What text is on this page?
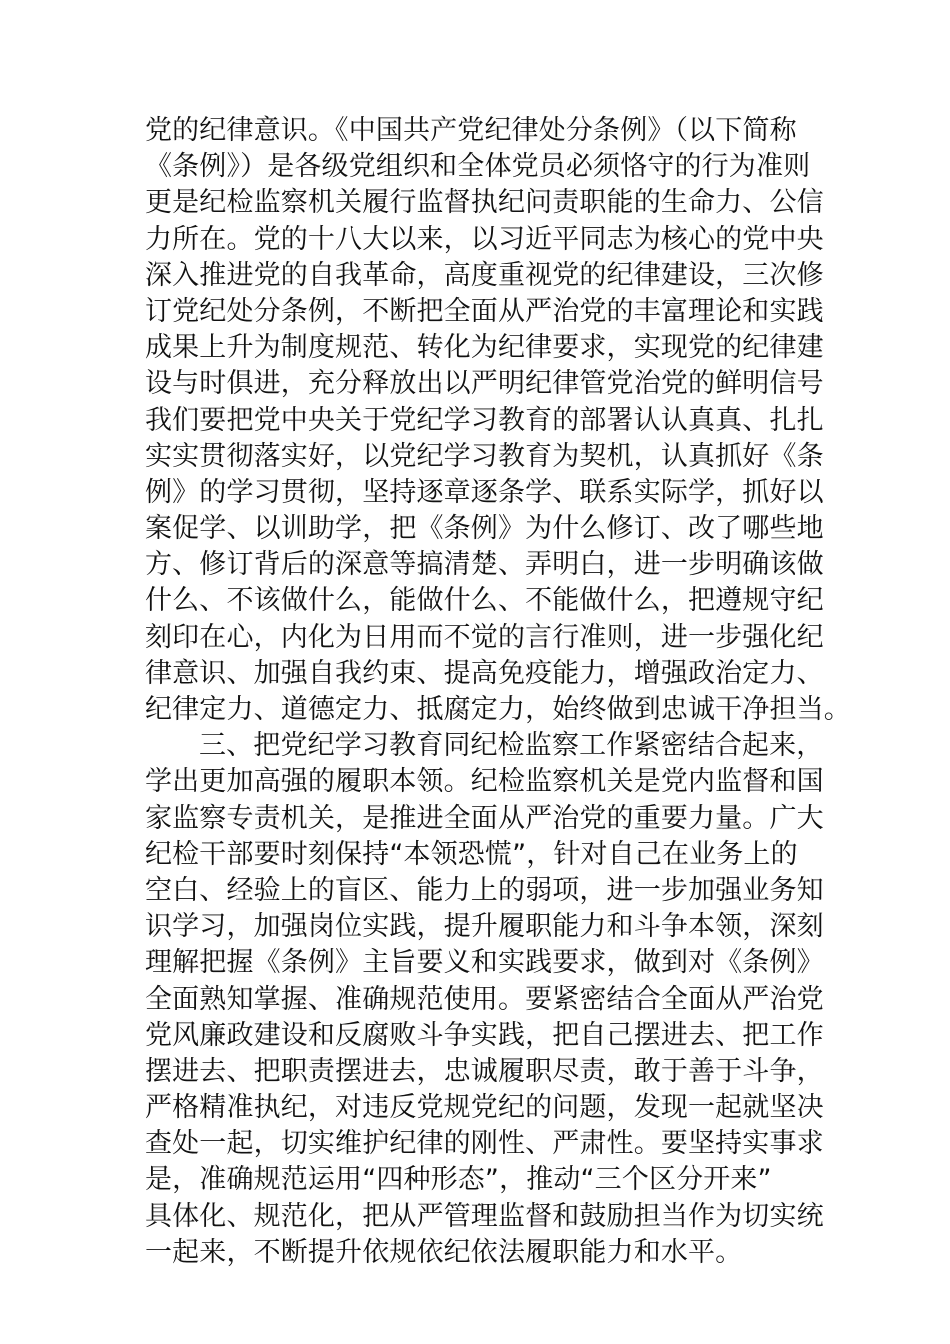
党的纪律意识。《中国共产党纪律处分条例》（以下简称
《条例》）是各级党组织和全体党员必须恪守的行为准则
更是纪检监察机关履行监督执纪问责职能的生命力、公信
力所在。党的十八大以来，以习近平同志为核心的党中央
深入推进党的自我革命，高度重视党的纪律建设，三次修
订党纪处分条例，不断把全面从严治党的丰富理论和实践
成果上升为制度规范、转化为纪律要求，实现党的纪律建
设与时俱进，充分释放出以严明纪律管党治党的鲜明信号
我们要把党中央关于党纪学习教育的部署认认真真、扎扎
实实贯彻落实好，以党纪学习教育为契机，认真抓好《条
例》的学习贯彻，坚持逐章逐条学、联系实际学，抓好以
案促学、以训助学，把《条例》为什么修订、改了哪些地
方、修订背后的深意等搞清楚、弄明白，进一步明确该做
什么、不该做什么，能做什么、不能做什么，把遵规守纪
刻印在心，内化为日用而不觉的言行准则，进一步强化纪
律意识、加强自我约束、提高免疫能力，增强政治定力、
纪律定力、道德定力、抵腐定力，始终做到忠诚干净担当。
三、把党纪学习教育同纪检监察工作紧密结合起来，
学出更加高强的履职本领。纪检监察机关是党内监督和国
家监察专责机关，是推进全面从严治党的重要力量。广大
纪检干部要时刻保持“本领恐慌”，针对自己在业务上的
空白、经验上的盲区、能力上的弱项，进一步加强业务知
识学习，加强岗位实践，提升履职能力和斗争本领，深刻
理解把握《条例》主旨要义和实践要求，做到对《条例》
全面熟知掌握、准确规范使用。要紧密结合全面从严治党
党风廉政建设和反腐败斗争实践，把自己摆进去、把工作
摆进去、把职责摆进去，忠诚履职尽责，敢于善于斗争，
严格精准执纪，对违反党规党纪的问题，发现一起就坚决
查处一起，切实维护纪律的刚性、严肃性。要坚持实事求
是，准确规范运用“四种形态”，推动“三个区分开来”
具体化、规范化，把从严管理监督和鼓励担当作为切实统
一起来，不断提升依规依纪依法履职能力和水平。
